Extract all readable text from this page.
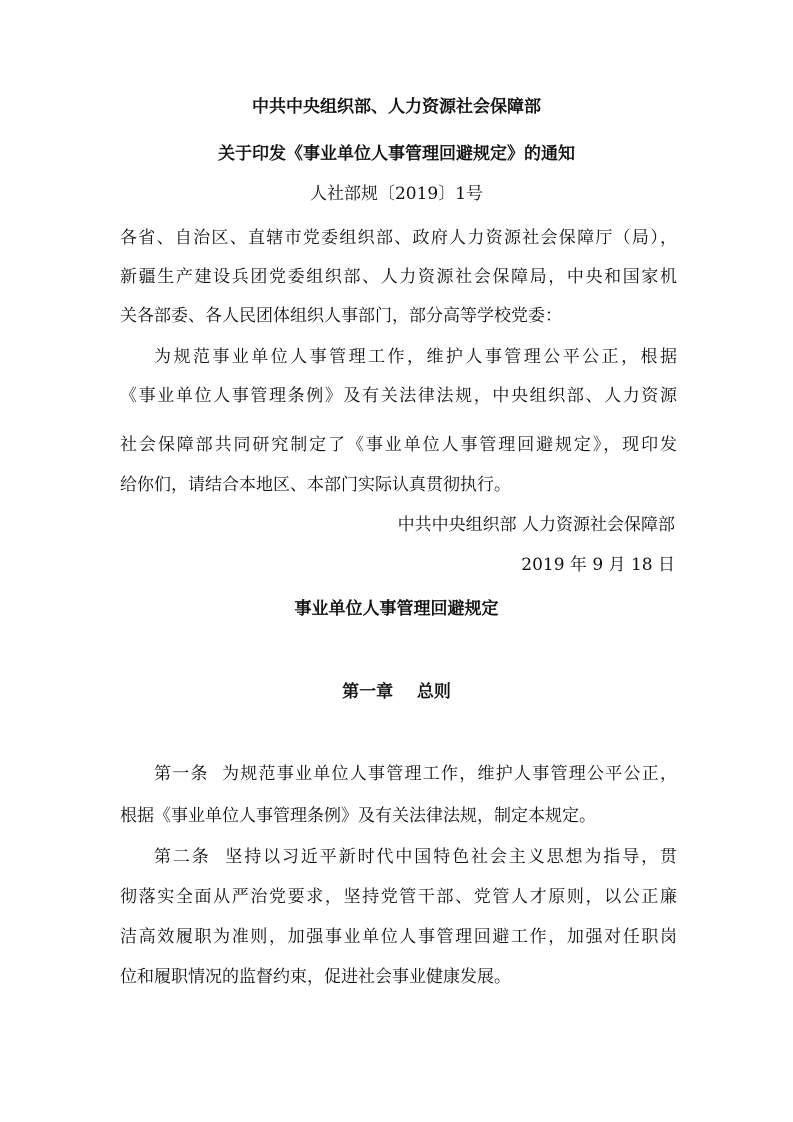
中共中央组织部、人力资源社会保障部
关于印发《事业单位人事管理回避规定》的通知
人社部规〔2019〕1号
各省、自治区、直辖市党委组织部、政府人力资源社会保障厅（局），
新疆生产建设兵团党委组织部、人力资源社会保障局，中央和国家机
关各部委、各人民团体组织人事部门，部分高等学校党委：
为规范事业单位人事管理工作，维护人事管理公平公正，根据
《事业单位人事管理条例》及有关法律法规，中央组织部、人力资源
社会保障部共同研究制定了《事业单位人事管理回避规定》，现印发
给你们，请结合本地区、本部门实际认真贯彻执行。
中共中央组织部 人力资源社会保障部
2019 年 9 月 18 日
事业单位人事管理回避规定
第一章    总则
第一条  为规范事业单位人事管理工作，维护人事管理公平公正，
根据《事业单位人事管理条例》及有关法律法规，制定本规定。
第二条  坚持以习近平新时代中国特色社会主义思想为指导，贯
彻落实全面从严治党要求，坚持党管干部、党管人才原则，以公正廉
洁高效履职为准则，加强事业单位人事管理回避工作，加强对任职岗
位和履职情况的监督约束，促进社会事业健康发展。
